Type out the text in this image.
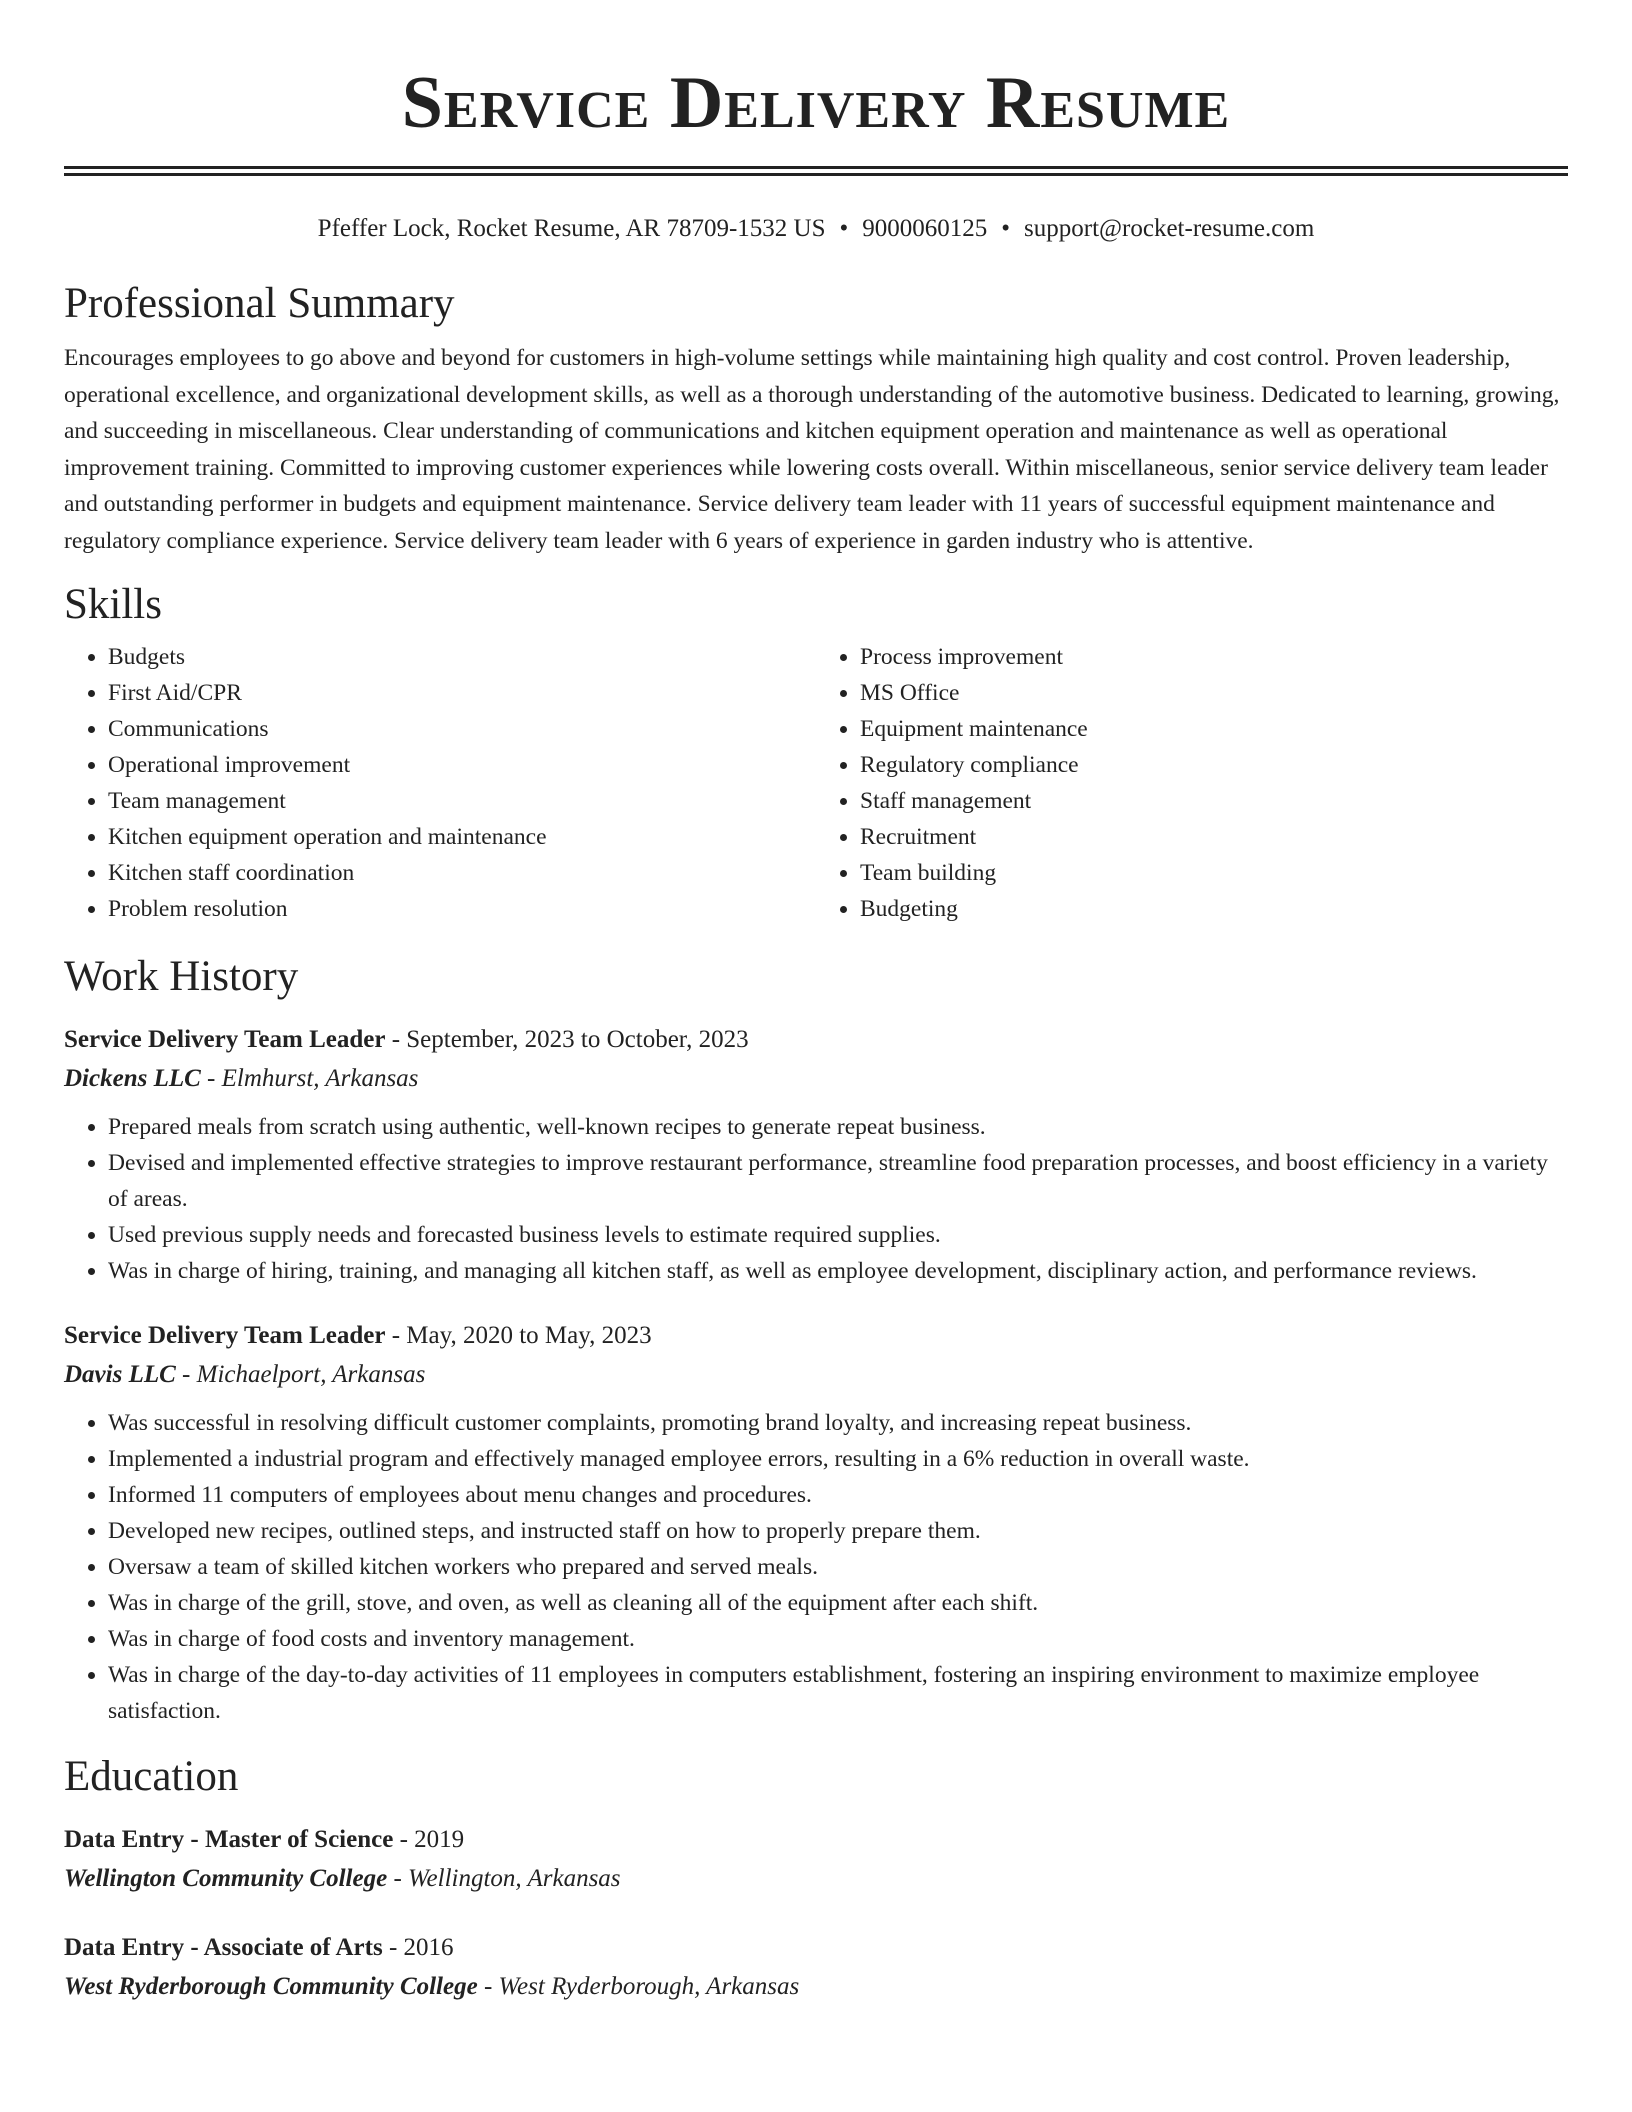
Service Delivery Resume
Pfeffer Lock, Rocket Resume, AR 78709-1532 US • 9000060125 • support@rocket-resume.com
Professional Summary

Encourages employees to go above and beyond for customers in high-volume settings while maintaining high quality and cost control. Proven leadership, operational excellence, and organizational development skills, as well as a thorough understanding of the automotive business. Dedicated to learning, growing, and succeeding in miscellaneous. Clear understanding of communications and kitchen equipment operation and maintenance as well as operational improvement training. Committed to improving customer experiences while lowering costs overall. Within miscellaneous, senior service delivery team leader and outstanding performer in budgets and equipment maintenance. Service delivery team leader with 11 years of successful equipment maintenance and regulatory compliance experience. Service delivery team leader with 6 years of experience in garden industry who is attentive.

Skills
• Budgets
• First Aid/CPR
• Communications
• Operational improvement
• Team management
• Kitchen equipment operation and maintenance
• Kitchen staff coordination
• Problem resolution
• Process improvement
• MS Office
• Equipment maintenance
• Regulatory compliance
• Staff management
• Recruitment
• Team building
• Budgeting
Work History
Service Delivery Team Leader - September, 2023 to October, 2023
Dickens LLC - Elmhurst, Arkansas
• Prepared meals from scratch using authentic, well-known recipes to generate repeat business.
• Devised and implemented effective strategies to improve restaurant performance, streamline food preparation processes, and boost efficiency in a variety of areas.
• Used previous supply needs and forecasted business levels to estimate required supplies.
• Was in charge of hiring, training, and managing all kitchen staff, as well as employee development, disciplinary action, and performance reviews.
Service Delivery Team Leader - May, 2020 to May, 2023
Davis LLC - Michaelport, Arkansas
• Was successful in resolving difficult customer complaints, promoting brand loyalty, and increasing repeat business.
• Implemented a industrial program and effectively managed employee errors, resulting in a 6% reduction in overall waste.
• Informed 11 computers of employees about menu changes and procedures.
• Developed new recipes, outlined steps, and instructed staff on how to properly prepare them.
• Oversaw a team of skilled kitchen workers who prepared and served meals.
• Was in charge of the grill, stove, and oven, as well as cleaning all of the equipment after each shift.
• Was in charge of food costs and inventory management.
• Was in charge of the day-to-day activities of 11 employees in computers establishment, fostering an inspiring environment to maximize employee satisfaction.
Education
Data Entry - Master of Science - 2019
Wellington Community College - Wellington, Arkansas
Data Entry - Associate of Arts - 2016
West Ryderborough Community College - West Ryderborough, Arkansas
